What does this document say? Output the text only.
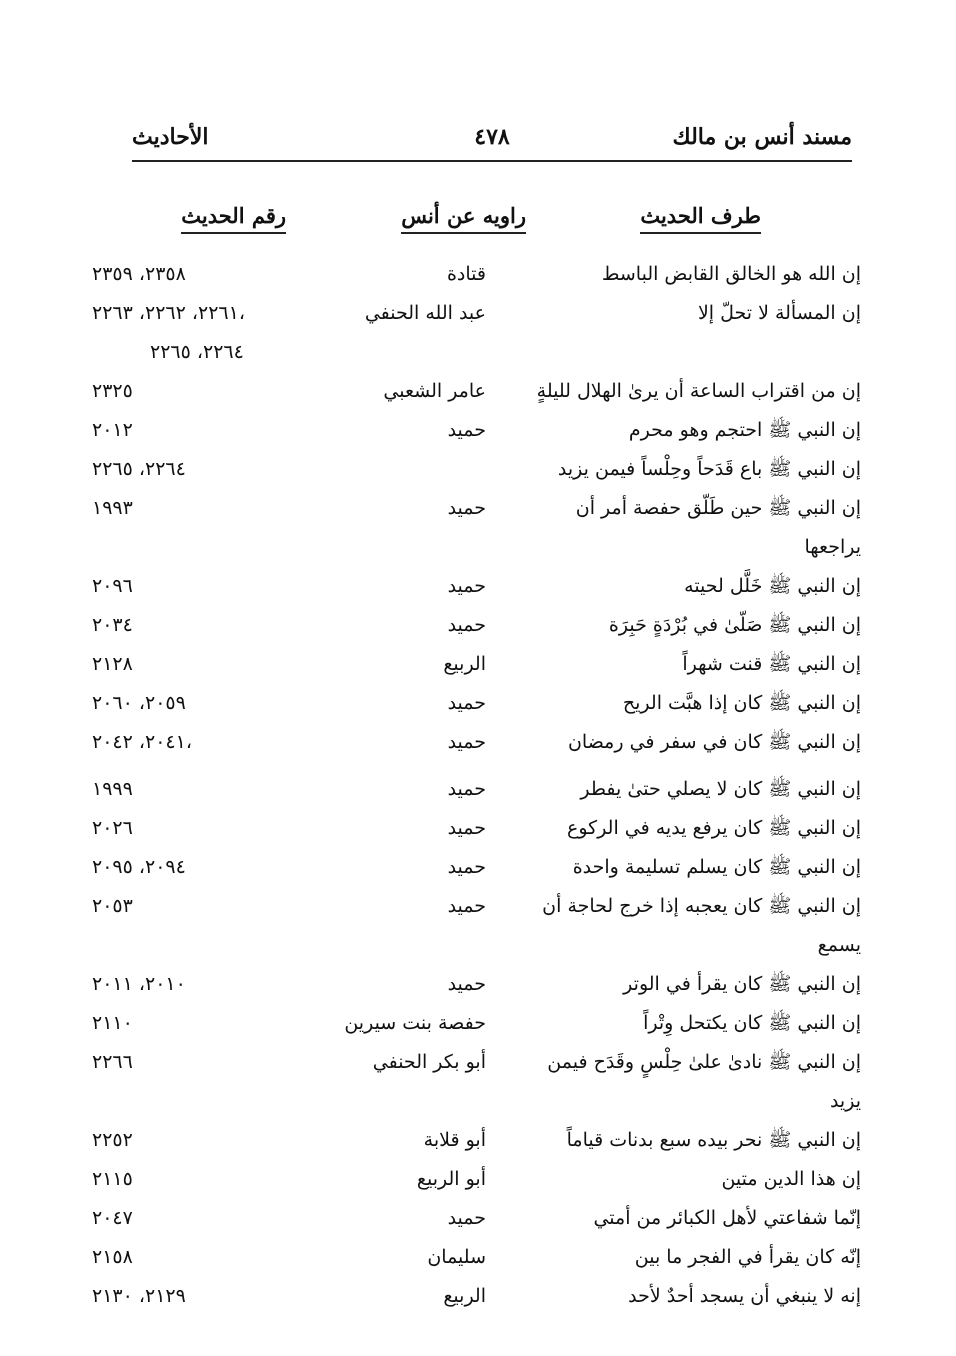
مسند أنس بن مالك
٤٧٨
الأحاديث
طرف الحديث
راويه عن أنس
رقم الحديث
إن الله هو الخالق القابض الباسط
قتادة
٢٣٥٨، ٢٣٥٩
إن المسألة لا تحلّ إلا
عبد الله الحنفي
٢٢٦١، ٢٢٦٢، ٢٢٦٣،
٢٢٦٤، ٢٢٦٥
إن من اقتراب الساعة أن يرىٰ الهلال لليلةٍ
عامر الشعبي
٢٣٢٥
إن النبي ﷺ احتجم وهو محرم
حميد
٢٠١٢
إن النبي ﷺ باع قَدَحاً وحِلْساً فيمن يزيد
٢٢٦٤، ٢٢٦٥
إن النبي ﷺ حين طَلّق حفصة أمر أن
حميد
١٩٩٣
يراجعها
إن النبي ﷺ خَلَّل لحيته
حميد
٢٠٩٦
إن النبي ﷺ صَلّىٰ في بُرْدَةٍ حَبِرَة
حميد
٢٠٣٤
إن النبي ﷺ قنت شهراً
الربيع
٢١٢٨
إن النبي ﷺ كان إذا هبَّت الريح
حميد
٢٠٥٩، ٢٠٦٠
إن النبي ﷺ كان في سفر في رمضان
حميد
٢٠٤١، ٢٠٤٢،
إن النبي ﷺ كان لا يصلي حتىٰ يفطر
حميد
١٩٩٩
إن النبي ﷺ كان يرفع يديه في الركوع
حميد
٢٠٢٦
إن النبي ﷺ كان يسلم تسليمة واحدة
حميد
٢٠٩٤، ٢٠٩٥
إن النبي ﷺ كان يعجبه إذا خرج لحاجة أن
حميد
٢٠٥٣
يسمع
إن النبي ﷺ كان يقرأ في الوتر
حميد
٢٠١٠، ٢٠١١
إن النبي ﷺ كان يكتحل وِتْراً
حفصة بنت سيرين
٢١١٠
إن النبي ﷺ نادىٰ علىٰ حِلْسٍ وقَدَح فيمن
أبو بكر الحنفي
٢٢٦٦
يزيد
إن النبي ﷺ نحر بيده سبع بدنات قياماً
أبو قلابة
٢٢٥٢
إن هذا الدين متين
أبو الربيع
٢١١٥
إنّما شفاعتي لأهل الكبائر من أمتي
حميد
٢٠٤٧
إنّه كان يقرأ في الفجر ما بين
سليمان
٢١٥٨
إنه لا ينبغي أن يسجد أحدٌ لأحد
الربيع
٢١٢٩، ٢١٣٠
